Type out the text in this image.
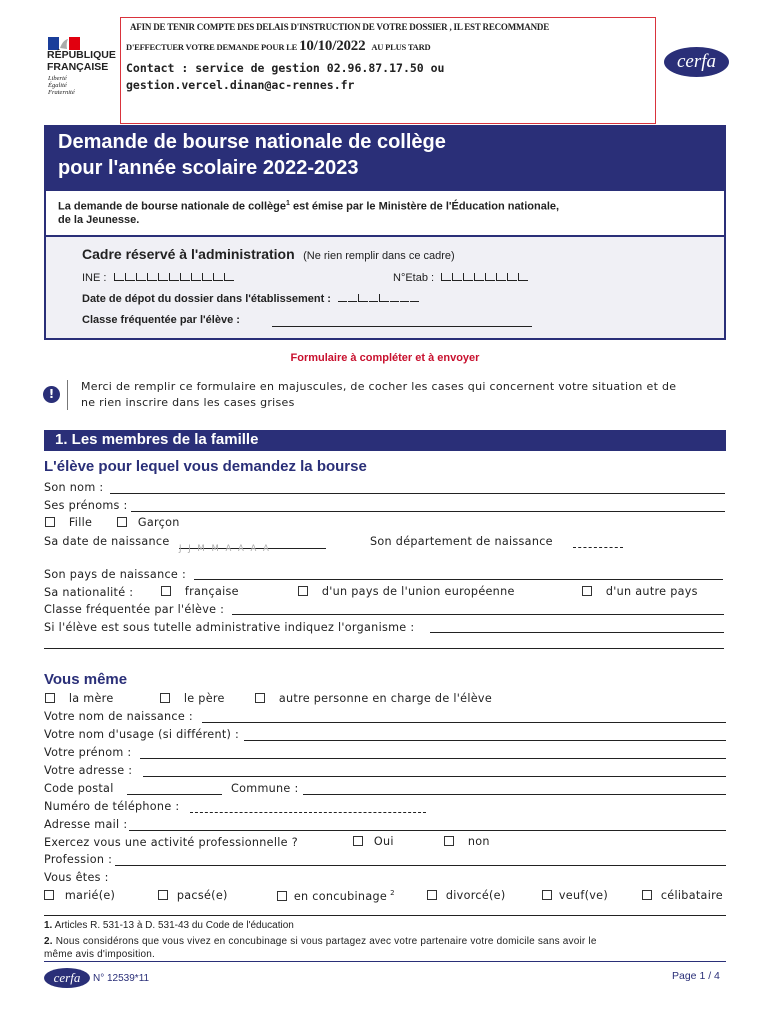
RÉPUBLIQUE
FRANÇAISE
Liberté
Égalité
Fraternité
AFIN DE TENIR COMPTE DES DELAIS D'INSTRUCTION DE VOTRE DOSSIER , IL EST RECOMMANDE
D'EFFECTUER VOTRE DEMANDE POUR LE 10/10/2022 AU PLUS TARD
Contact : service de gestion 02.96.87.17.50 ou
gestion.vercel.dinan@ac-rennes.fr
cerfa
Demande de bourse nationale de collège
pour l'année scolaire 2022-2023
La demande de bourse nationale de collège$^1$ est émise par le Ministère de l'Éducation nationale,
de la Jeunesse.
Cadre réservé à l'administration (Ne rien remplir dans ce cadre)
INE :	N°Etab :
Date de dépot du dossier dans l'établissement :
Classe fréquentée par l'élève :
Formulaire à compléter et à envoyer
!
Merci de remplir ce formulaire en majuscules, de cocher les cases qui concernent votre situation et de
ne rien inscrire dans les cases grises
1. Les membres de la famille
L'élève pour lequel vous demandez la bourse
Son nom :
Ses prénoms :
Fille	Garçon
Sa date de naissance
J J M M A A A A
Son département de naissance
Son pays de naissance :
Sa nationalité :	française	d'un pays de l'union européenne	d'un autre pays
Classe fréquentée par l'élève :
Si l'élève est sous tutelle administrative indiquez l'organisme :
Vous même
la mère	le père	autre personne en charge de l'élève
Votre nom de naissance :
Votre nom d'usage (si différent) :
Votre prénom :
Votre adresse :
Code postal	Commune :
Numéro de téléphone :
Adresse mail :
Exercez vous une activité professionnelle ?	Oui	non
Profession :
Vous êtes :
marié(e)	pacsé(e)	en concubinage $^2$	divorcé(e)	veuf(ve)	célibataire
1. Articles R. 531-13 à D. 531-43 du Code de l'éducation
2. Nous considérons que vous vivez en concubinage si vous partagez avec votre partenaire votre domicile sans avoir le
même avis d'imposition.
cerfa	N° 12539*11	Page 1 / 4
